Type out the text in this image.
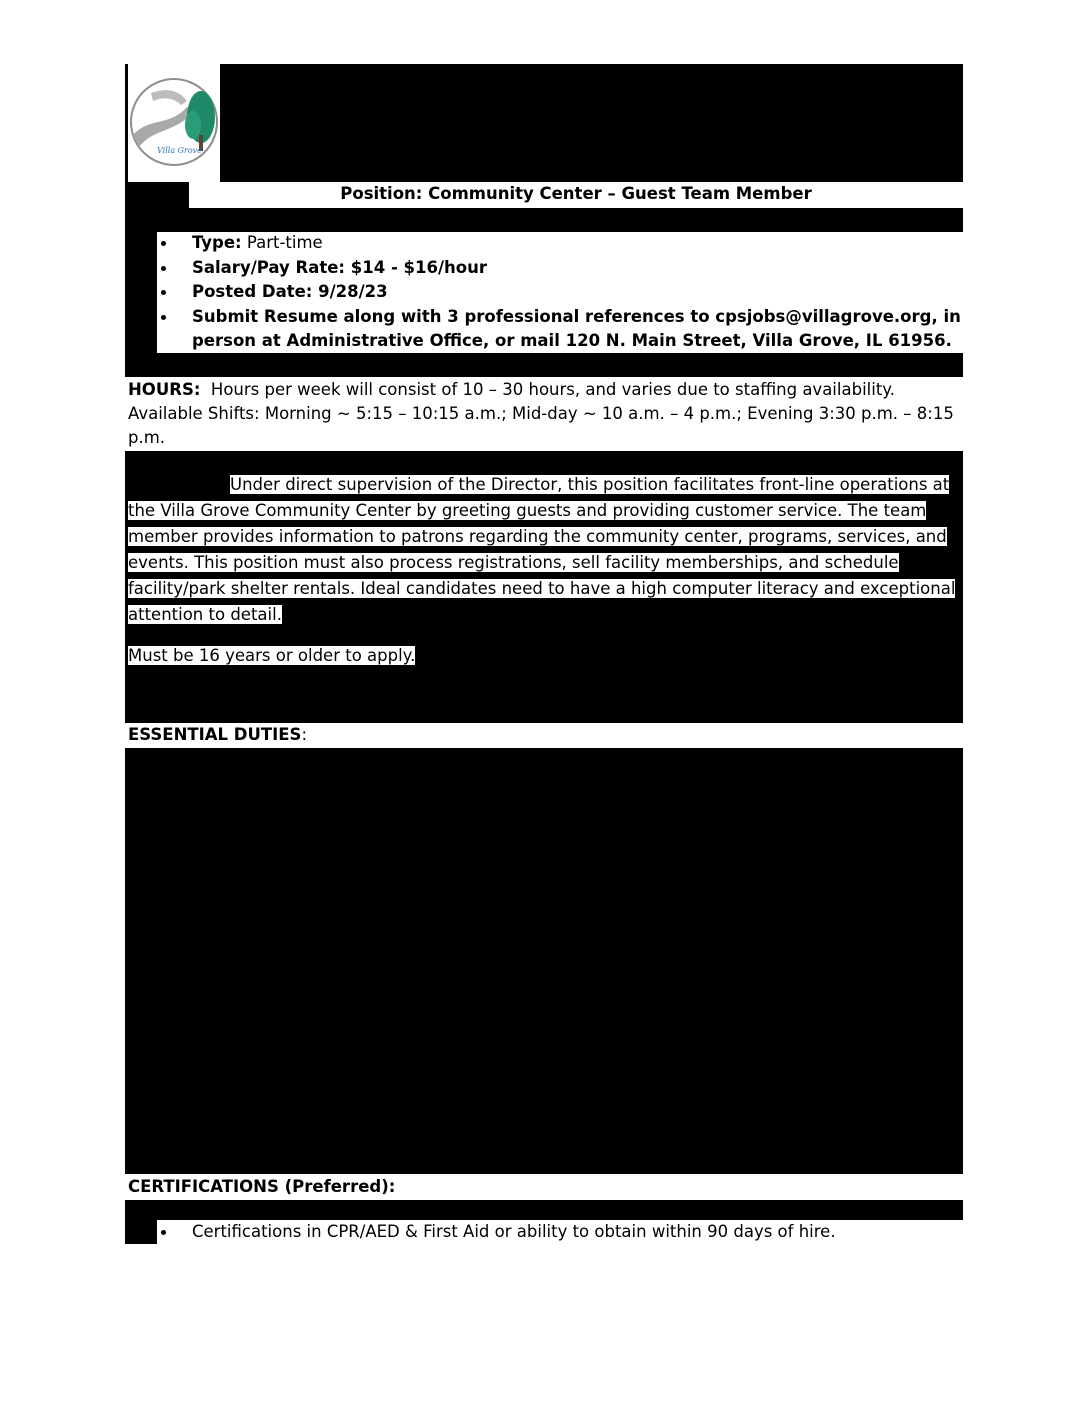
Villa Grove
Position: Community Center – Guest Team Member
Type: Part-time
Salary/Pay Rate: $14 - $16/hour
Posted Date: 9/28/23
Submit Resume along with 3 professional references to cpsjobs@villagrove.org, in
person at Administrative Office, or mail 120 N. Main Street, Villa Grove, IL 61956.
HOURS:  Hours per week will consist of 10 – 30 hours, and varies due to staffing availability.
Available Shifts: Morning ~ 5:15 – 10:15 a.m.; Mid-day ~ 10 a.m. – 4 p.m.; Evening 3:30 p.m. – 8:15
p.m.
Under direct supervision of the Director, this position facilitates front-line operations at
the Villa Grove Community Center by greeting guests and providing customer service. The team
member provides information to patrons regarding the community center, programs, services, and
events. This position must also process registrations, sell facility memberships, and schedule
facility/park shelter rentals. Ideal candidates need to have a high computer literacy and exceptional
attention to detail.
Must be 16 years or older to apply.
ESSENTIAL DUTIES:
CERTIFICATIONS (Preferred):
Certifications in CPR/AED & First Aid or ability to obtain within 90 days of hire.
